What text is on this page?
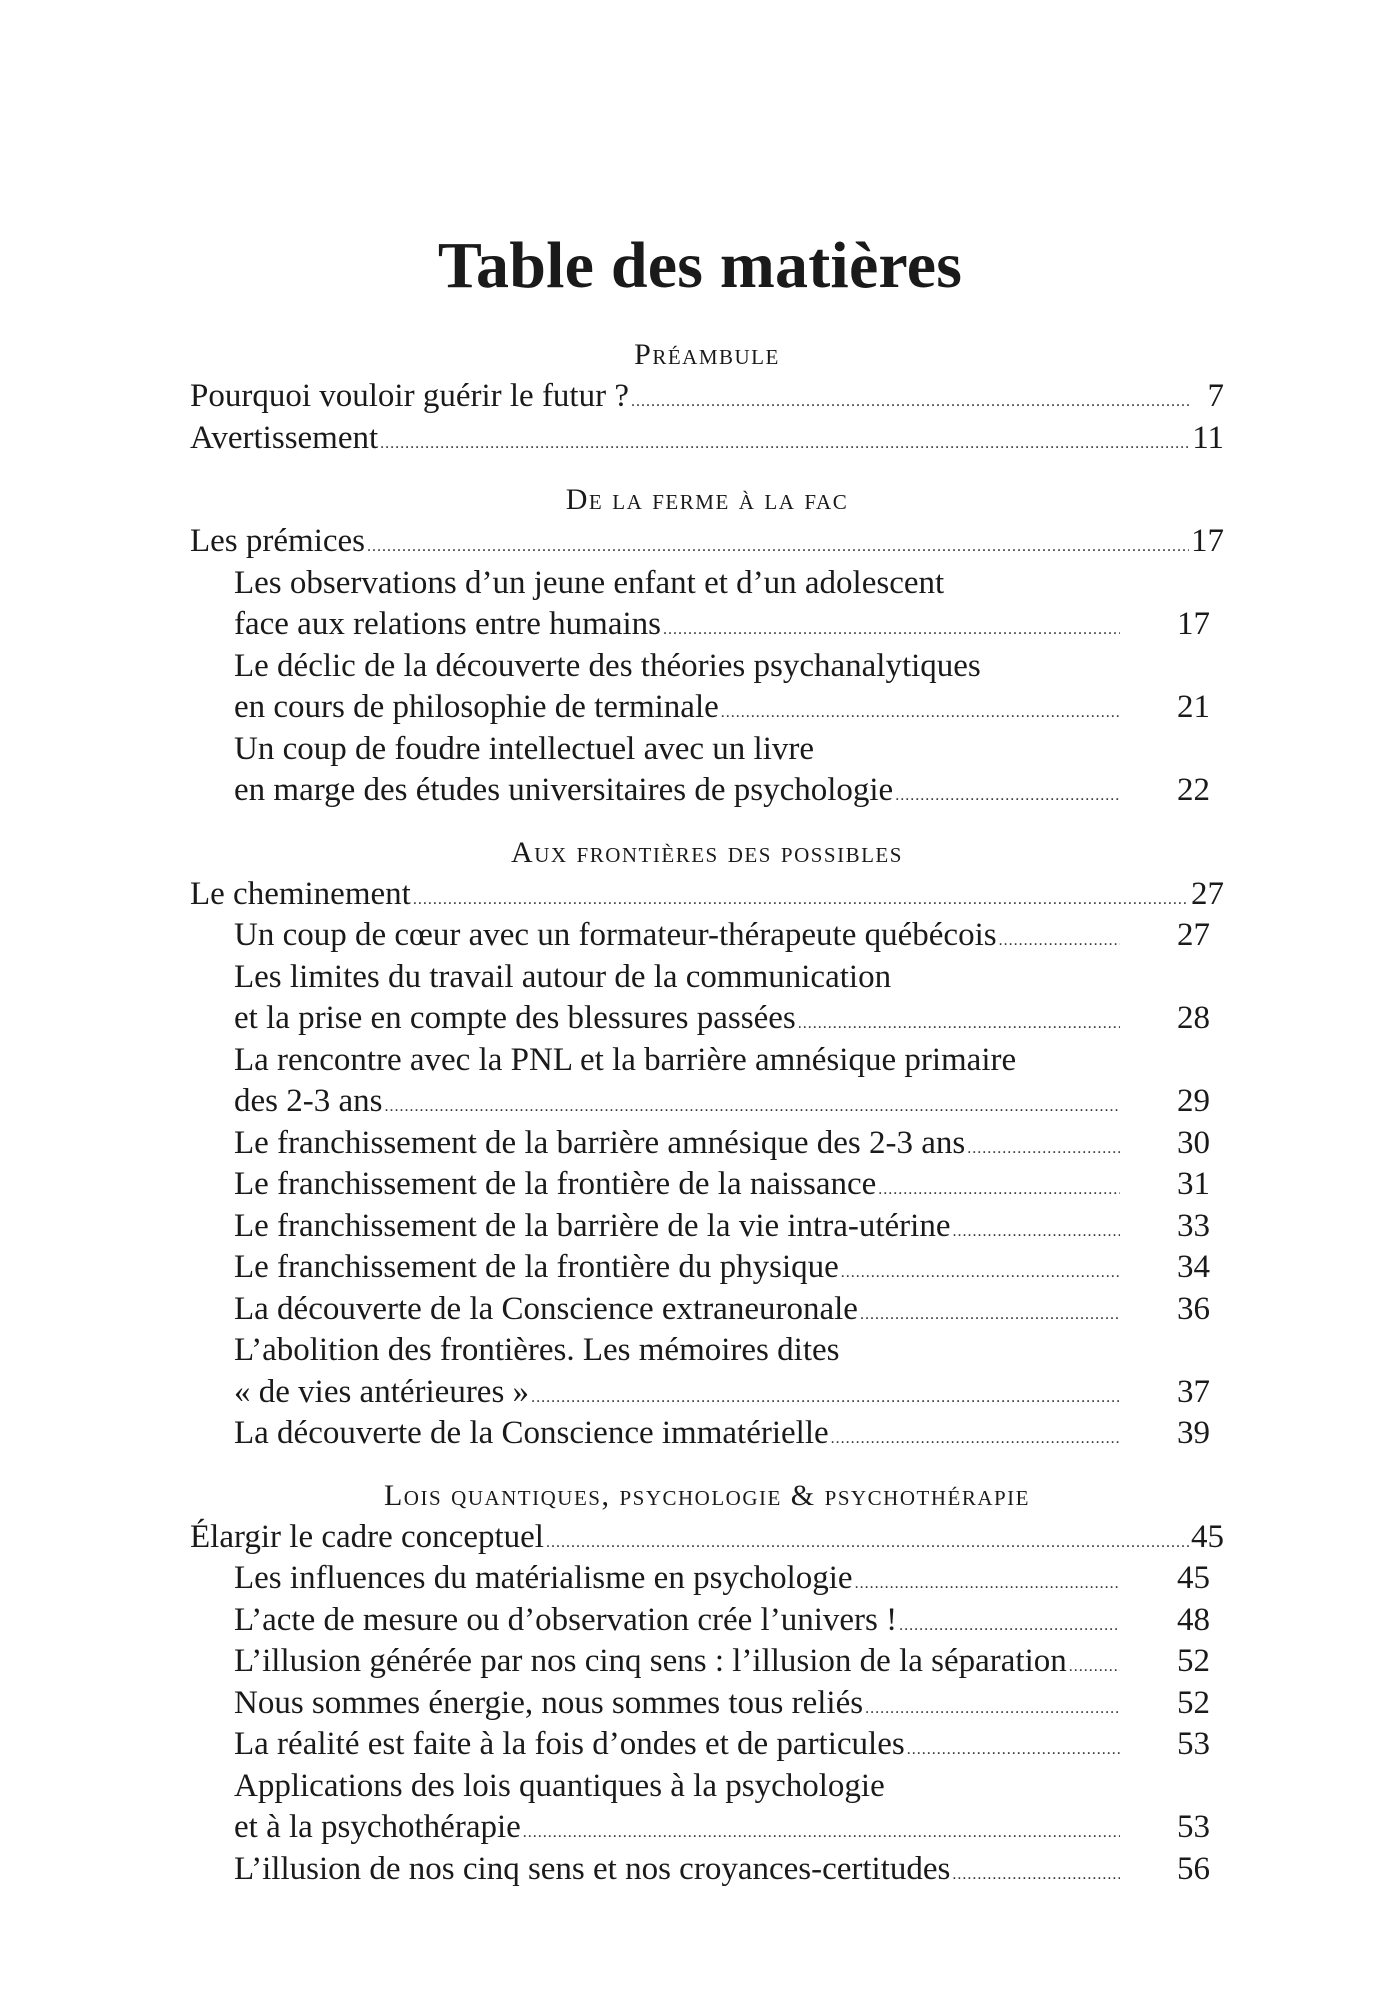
Table des matières
Préambule
Pourquoi vouloir guérir le futur ? .....	7
Avertissement .....	11
De la ferme à la fac
Les prémices .....	17
Les observations d’un jeune enfant et d’un adolescent
face aux relations entre humains .....	17
Le déclic de la découverte des théories psychanalytiques
en cours de philosophie de terminale .....	21
Un coup de foudre intellectuel avec un livre
en marge des études universitaires de psychologie .....	22
Aux frontières des possibles
Le cheminement .....	27
Un coup de cœur avec un formateur-thérapeute québécois .....	27
Les limites du travail autour de la communication
et la prise en compte des blessures passées .....	28
La rencontre avec la PNL et la barrière amnésique primaire
des 2-3 ans .....	29
Le franchissement de la barrière amnésique des 2-3 ans .....	30
Le franchissement de la frontière de la naissance .....	31
Le franchissement de la barrière de la vie intra-utérine .....	33
Le franchissement de la frontière du physique .....	34
La découverte de la Conscience extraneuronale .....	36
L’abolition des frontières. Les mémoires dites
« de vies antérieures » .....	37
La découverte de la Conscience immatérielle .....	39
Lois quantiques, psychologie & psychothérapie
Élargir le cadre conceptuel .....	45
Les influences du matérialisme en psychologie .....	45
L’acte de mesure ou d’observation crée l’univers ! .....	48
L’illusion générée par nos cinq sens : l’illusion de la séparation .....	52
Nous sommes énergie, nous sommes tous reliés .....	52
La réalité est faite à la fois d’ondes et de particules .....	53
Applications des lois quantiques à la psychologie
et à la psychothérapie .....	53
L’illusion de nos cinq sens et nos croyances-certitudes .....	56
